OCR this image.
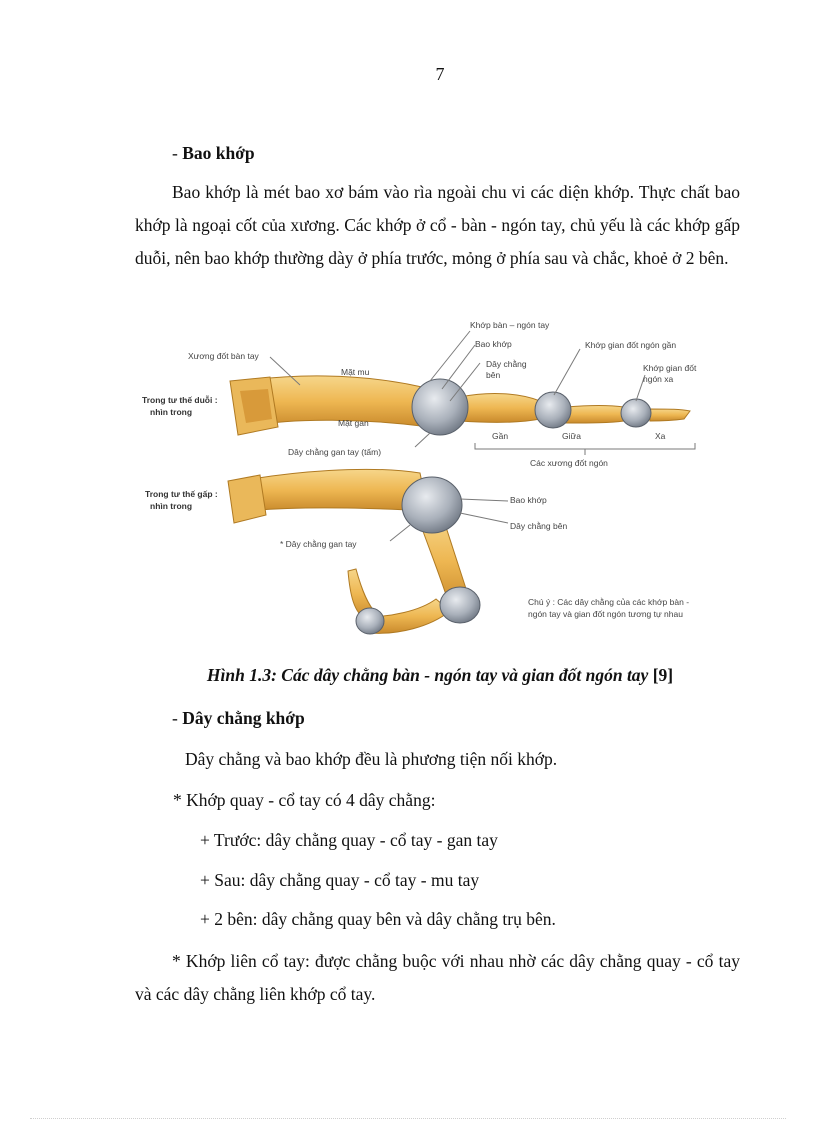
7

- Bao khớp

Bao khớp là mét bao xơ bám vào rìa ngoài chu vi các diện khớp. Thực chất bao khớp là ngoại cốt của xương. Các khớp ở cổ - bàn - ngón tay, chủ yếu là các khớp gấp duỗi, nên bao khớp thường dày ở phía trước, mỏng ở phía sau và chắc, khoẻ ở 2 bên.

Xương đốt bàn tay
Mặt mu
Mặt gan
Dây chằng gan tay (tấm)
Khớp bàn – ngón tay
Bao khớp
Dây chằng
bên
Khớp gian đốt ngón gần
Khớp gian đốt
ngón xa
Gần	Giữa	Xa
Các xương đốt ngón
Bao khớp
Dây chằng bên
* Dây chằng gan tay
Chú ý : Các dây chằng của các khớp bàn -
ngón tay và gian đốt ngón tương tự nhau
Trong tư thế duỗi :
nhìn trong
Trong tư thế gấp :
nhìn trong
Hình 1.3: Các dây chằng bàn - ngón tay và gian đốt ngón tay [9]

- Dây chằng khớp

Dây chằng và bao khớp đều là phương tiện nối khớp.

* Khớp quay - cổ tay có 4 dây chằng:

+ Trước: dây chằng quay - cổ tay - gan tay

+ Sau: dây chằng quay - cổ tay - mu tay

+ 2 bên: dây chằng quay bên và dây chằng trụ bên.

* Khớp liên cổ tay: được chằng buộc với nhau nhờ các dây chằng quay - cổ tay và các dây chằng liên khớp cổ tay.
